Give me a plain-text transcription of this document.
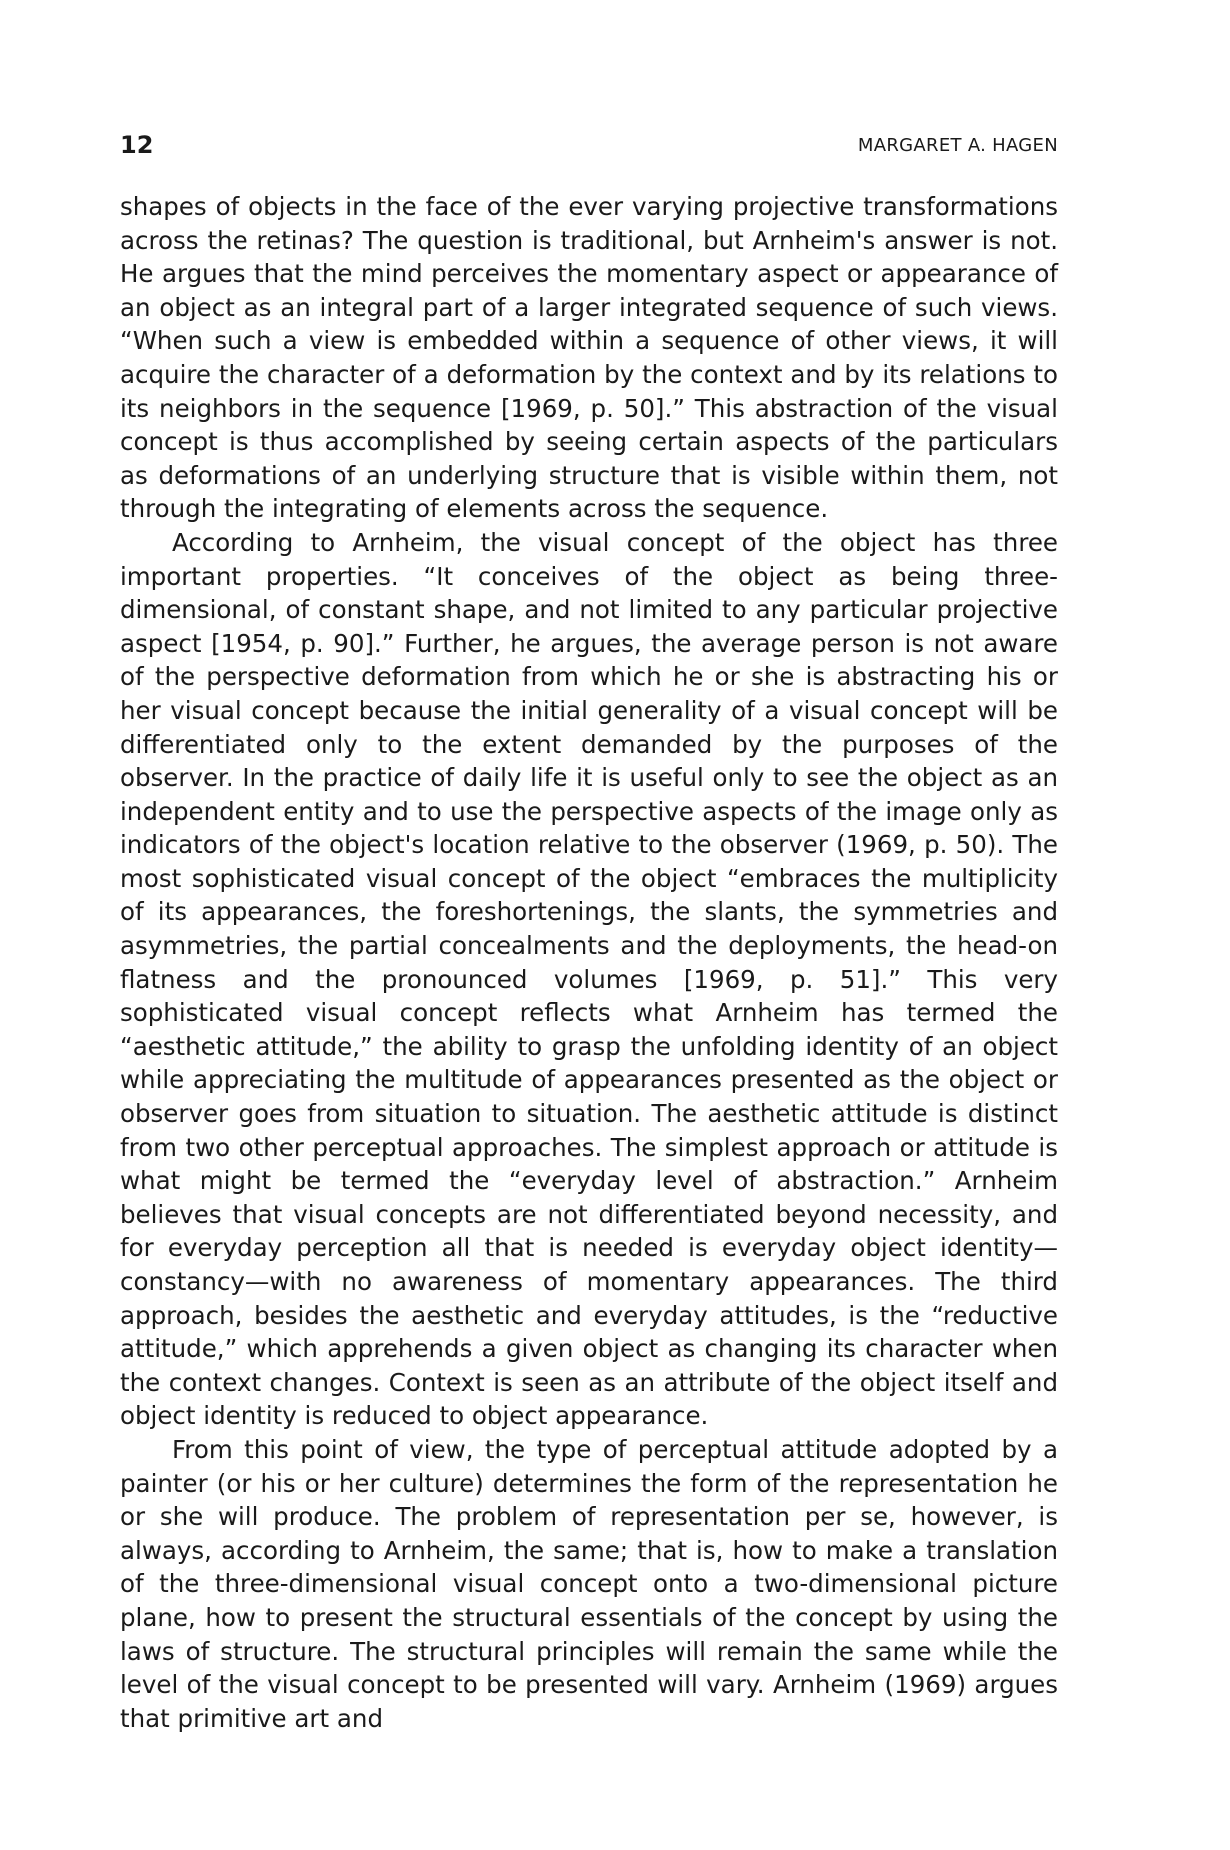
12	MARGARET A. HAGEN

shapes of objects in the face of the ever varying projective transformations across the retinas? The question is traditional, but Arnheim's answer is not. He argues that the mind perceives the momentary aspect or appearance of an object as an integral part of a larger integrated sequence of such views. “When such a view is embedded within a sequence of other views, it will acquire the character of a deformation by the context and by its relations to its neighbors in the sequence [1969, p. 50].” This abstraction of the visual concept is thus accomplished by seeing certain aspects of the particulars as deformations of an underlying structure that is visible within them, not through the integrating of elements across the sequence.

According to Arnheim, the visual concept of the object has three important properties. “It conceives of the object as being three-dimensional, of constant shape, and not limited to any particular projective aspect [1954, p. 90].” Further, he argues, the average person is not aware of the perspective deformation from which he or she is abstracting his or her visual concept because the initial generality of a visual concept will be differentiated only to the extent demanded by the purposes of the observer. In the practice of daily life it is useful only to see the object as an independent entity and to use the perspective aspects of the image only as indicators of the object's location relative to the observer (1969, p. 50). The most sophisticated visual concept of the object “embraces the multiplicity of its appearances, the foreshortenings, the slants, the symmetries and asymmetries, the partial concealments and the deployments, the head-on flatness and the pronounced volumes [1969, p. 51].” This very sophisticated visual concept reflects what Arnheim has termed the “aesthetic attitude,” the ability to grasp the unfolding identity of an object while appreciating the multitude of appearances presented as the object or observer goes from situation to situation. The aesthetic attitude is distinct from two other perceptual approaches. The simplest approach or attitude is what might be termed the “everyday level of abstraction.” Arnheim believes that visual concepts are not differentiated beyond necessity, and for everyday perception all that is needed is everyday object identity—constancy—with no awareness of momentary appearances. The third approach, besides the aesthetic and everyday attitudes, is the “reductive attitude,” which apprehends a given object as changing its character when the context changes. Context is seen as an attribute of the object itself and object identity is reduced to object appearance.

From this point of view, the type of perceptual attitude adopted by a painter (or his or her culture) determines the form of the representation he or she will produce. The problem of representation per se, however, is always, according to Arnheim, the same; that is, how to make a translation of the three-dimensional visual concept onto a two-dimensional picture plane, how to present the structural essentials of the concept by using the laws of structure. The structural principles will remain the same while the level of the visual concept to be presented will vary. Arnheim (1969) argues that primitive art and
